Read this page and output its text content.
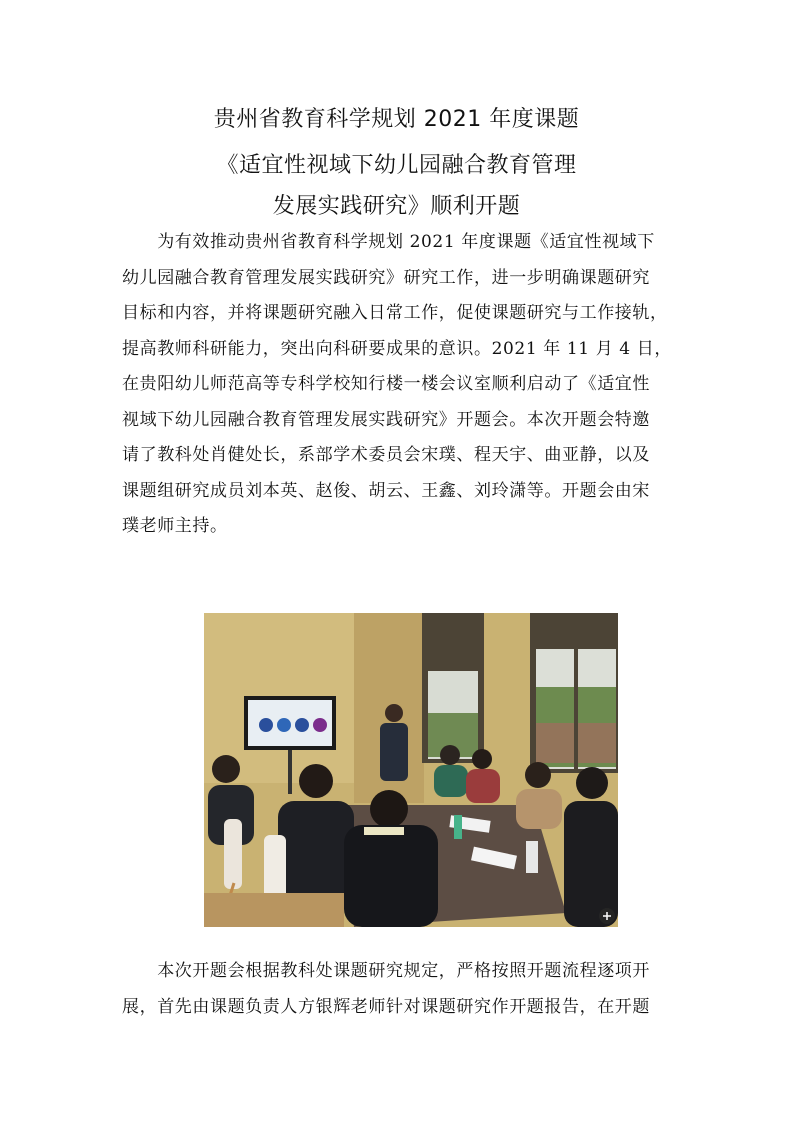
贵州省教育科学规划 2021 年度课题
《适宜性视域下幼儿园融合教育管理
发展实践研究》顺利开题
　　为有效推动贵州省教育科学规划 2021 年度课题《适宜性视域下
幼儿园融合教育管理发展实践研究》研究工作，进一步明确课题研究
目标和内容，并将课题研究融入日常工作，促使课题研究与工作接轨，
提高教师科研能力，突出向科研要成果的意识。2021 年 11 月 4 日，
在贵阳幼儿师范高等专科学校知行楼一楼会议室顺利启动了《适宜性
视域下幼儿园融合教育管理发展实践研究》开题会。本次开题会特邀
请了教科处肖健处长，系部学术委员会宋璞、程天宇、曲亚静，以及
课题组研究成员刘本英、赵俊、胡云、王鑫、刘玲潇等。开题会由宋
璞老师主持。
　　本次开题会根据教科处课题研究规定，严格按照开题流程逐项开
展，首先由课题负责人方银辉老师针对课题研究作开题报告，在开题
